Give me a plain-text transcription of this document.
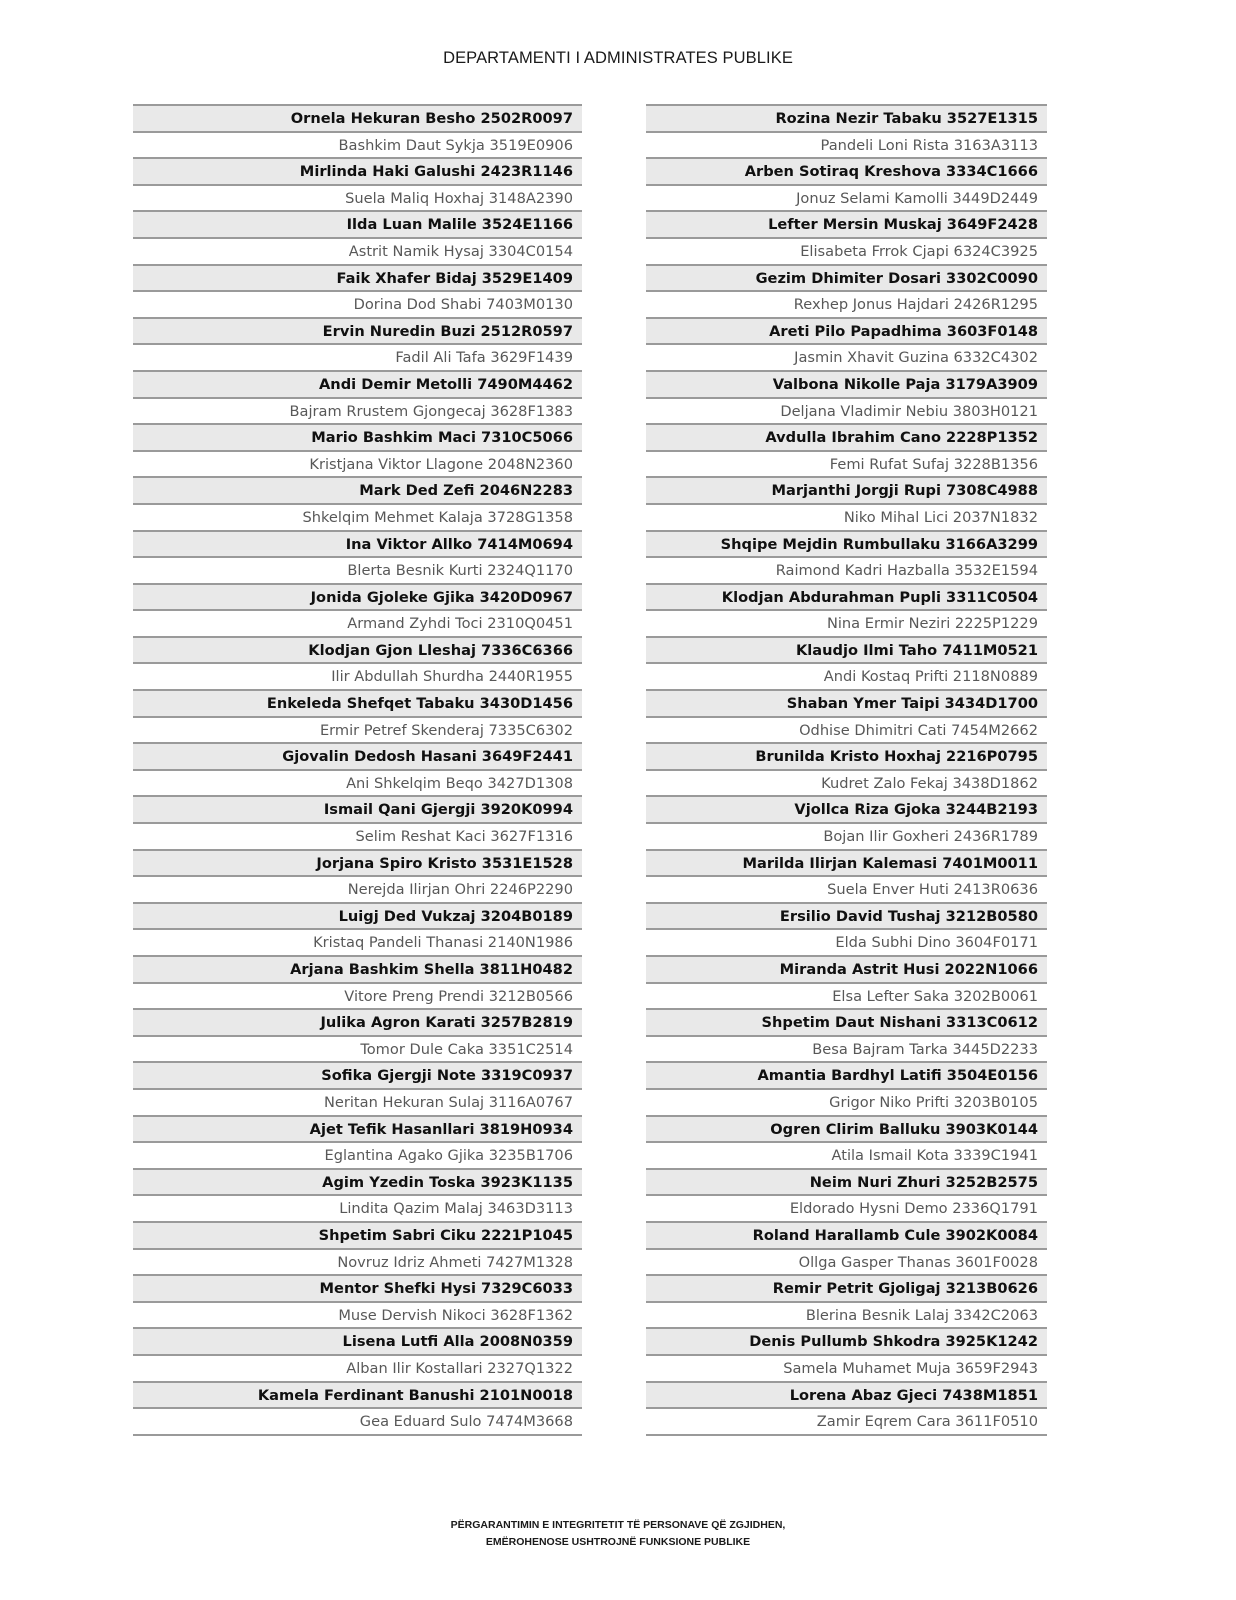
DEPARTAMENTI I ADMINISTRATES PUBLIKE
Ornela Hekuran Besho 2502R0097
Bashkim Daut Sykja 3519E0906
Mirlinda Haki Galushi 2423R1146
Suela Maliq Hoxhaj 3148A2390
Ilda Luan Malile 3524E1166
Astrit Namik Hysaj 3304C0154
Faik Xhafer Bidaj 3529E1409
Dorina Dod Shabi 7403M0130
Ervin Nuredin Buzi 2512R0597
Fadil Ali Tafa 3629F1439
Andi Demir Metolli 7490M4462
Bajram Rrustem Gjongecaj 3628F1383
Mario Bashkim Maci 7310C5066
Kristjana Viktor Llagone 2048N2360
Mark Ded Zefi 2046N2283
Shkelqim Mehmet Kalaja 3728G1358
Ina Viktor Allko 7414M0694
Blerta Besnik Kurti 2324Q1170
Jonida Gjoleke Gjika 3420D0967
Armand Zyhdi Toci 2310Q0451
Klodjan Gjon Lleshaj 7336C6366
Ilir Abdullah Shurdha 2440R1955
Enkeleda Shefqet Tabaku 3430D1456
Ermir Petref Skenderaj 7335C6302
Gjovalin Dedosh Hasani 3649F2441
Ani Shkelqim Beqo 3427D1308
Ismail Qani Gjergji 3920K0994
Selim Reshat Kaci 3627F1316
Jorjana Spiro Kristo 3531E1528
Nerejda Ilirjan Ohri 2246P2290
Luigj Ded Vukzaj 3204B0189
Kristaq Pandeli Thanasi 2140N1986
Arjana Bashkim Shella 3811H0482
Vitore Preng Prendi 3212B0566
Julika Agron Karati 3257B2819
Tomor Dule Caka 3351C2514
Sofika Gjergji Note 3319C0937
Neritan Hekuran Sulaj 3116A0767
Ajet Tefik Hasanllari 3819H0934
Eglantina Agako Gjika 3235B1706
Agim Yzedin Toska 3923K1135
Lindita Qazim Malaj 3463D3113
Shpetim Sabri Ciku 2221P1045
Novruz Idriz Ahmeti 7427M1328
Mentor Shefki Hysi 7329C6033
Muse Dervish Nikoci 3628F1362
Lisena Lutfi Alla 2008N0359
Alban Ilir Kostallari 2327Q1322
Kamela Ferdinant Banushi 2101N0018
Gea Eduard Sulo 7474M3668
Rozina Nezir Tabaku 3527E1315
Pandeli Loni Rista 3163A3113
Arben Sotiraq Kreshova 3334C1666
Jonuz Selami Kamolli 3449D2449
Lefter Mersin Muskaj 3649F2428
Elisabeta Frrok Cjapi 6324C3925
Gezim Dhimiter Dosari 3302C0090
Rexhep Jonus Hajdari 2426R1295
Areti Pilo Papadhima 3603F0148
Jasmin Xhavit Guzina 6332C4302
Valbona Nikolle Paja 3179A3909
Deljana Vladimir Nebiu 3803H0121
Avdulla Ibrahim Cano 2228P1352
Femi Rufat Sufaj 3228B1356
Marjanthi Jorgji Rupi 7308C4988
Niko Mihal Lici 2037N1832
Shqipe Mejdin Rumbullaku 3166A3299
Raimond Kadri Hazballa 3532E1594
Klodjan Abdurahman Pupli 3311C0504
Nina Ermir Neziri 2225P1229
Klaudjo Ilmi Taho 7411M0521
Andi Kostaq Prifti 2118N0889
Shaban Ymer Taipi 3434D1700
Odhise Dhimitri Cati 7454M2662
Brunilda Kristo Hoxhaj 2216P0795
Kudret Zalo Fekaj 3438D1862
Vjollca Riza Gjoka 3244B2193
Bojan Ilir Goxheri 2436R1789
Marilda Ilirjan Kalemasi 7401M0011
Suela Enver Huti 2413R0636
Ersilio David Tushaj 3212B0580
Elda Subhi Dino 3604F0171
Miranda Astrit Husi 2022N1066
Elsa Lefter Saka 3202B0061
Shpetim Daut Nishani 3313C0612
Besa Bajram Tarka 3445D2233
Amantia Bardhyl Latifi 3504E0156
Grigor Niko Prifti 3203B0105
Ogren Clirim Balluku 3903K0144
Atila Ismail Kota 3339C1941
Neim Nuri Zhuri 3252B2575
Eldorado Hysni Demo 2336Q1791
Roland Harallamb Cule 3902K0084
Ollga Gasper Thanas 3601F0028
Remir Petrit Gjoligaj 3213B0626
Blerina Besnik Lalaj 3342C2063
Denis Pullumb Shkodra 3925K1242
Samela Muhamet Muja 3659F2943
Lorena Abaz Gjeci 7438M1851
Zamir Eqrem Cara 3611F0510
PËRGARANTIMIN E INTEGRITETIT TË PERSONAVE QË ZGJIDHEN,
EMËROHENOSE USHTROJNË FUNKSIONE PUBLIKE
